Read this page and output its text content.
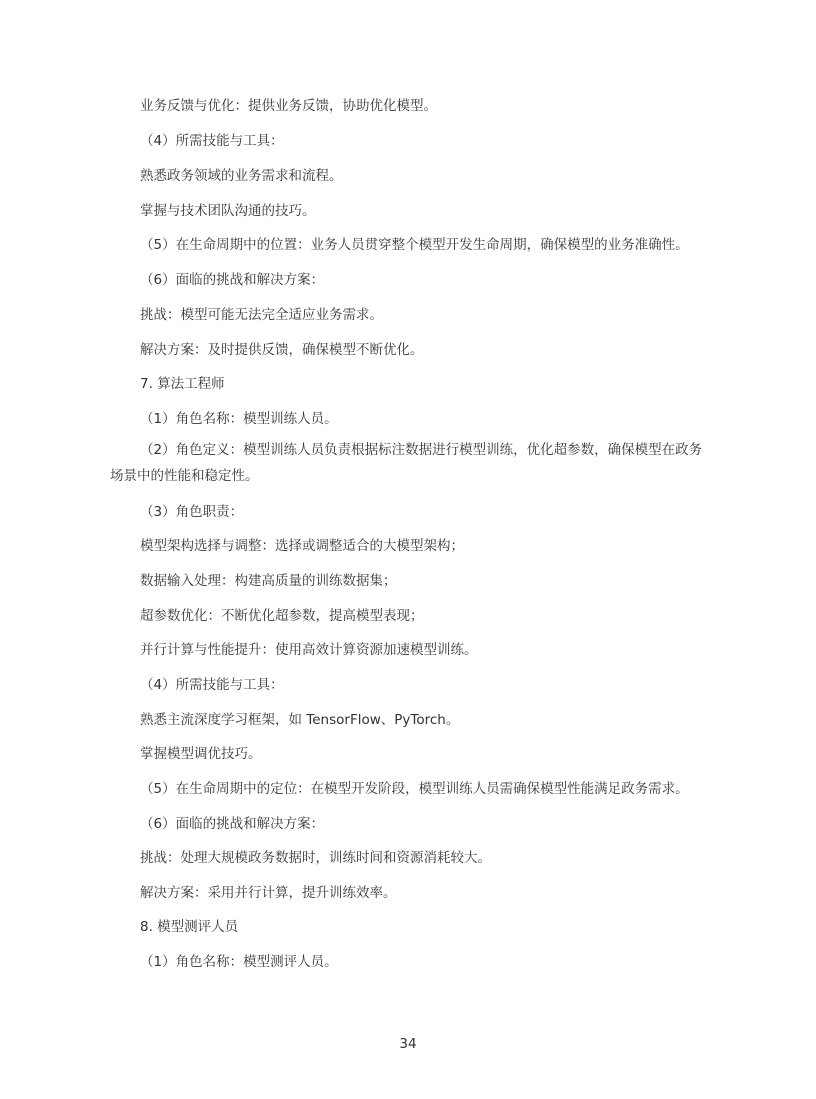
业务反馈与优化：提供业务反馈，协助优化模型。
（4）所需技能与工具：
熟悉政务领域的业务需求和流程。
掌握与技术团队沟通的技巧。
（5）在生命周期中的位置：业务人员贯穿整个模型开发生命周期，确保模型的业务准确性。
（6）面临的挑战和解决方案：
挑战：模型可能无法完全适应业务需求。
解决方案：及时提供反馈，确保模型不断优化。
7. 算法工程师
（1）角色名称：模型训练人员。
（2）角色定义：模型训练人员负责根据标注数据进行模型训练，优化超参数，确保模型在政务场景中的性能和稳定性。
（3）角色职责：
模型架构选择与调整：选择或调整适合的大模型架构；
数据输入处理：构建高质量的训练数据集；
超参数优化：不断优化超参数，提高模型表现；
并行计算与性能提升：使用高效计算资源加速模型训练。
（4）所需技能与工具：
熟悉主流深度学习框架，如 TensorFlow、PyTorch。
掌握模型调优技巧。
（5）在生命周期中的定位：在模型开发阶段，模型训练人员需确保模型性能满足政务需求。
（6）面临的挑战和解决方案：
挑战：处理大规模政务数据时，训练时间和资源消耗较大。
解决方案：采用并行计算，提升训练效率。
8. 模型测评人员
（1）角色名称：模型测评人员。
34
